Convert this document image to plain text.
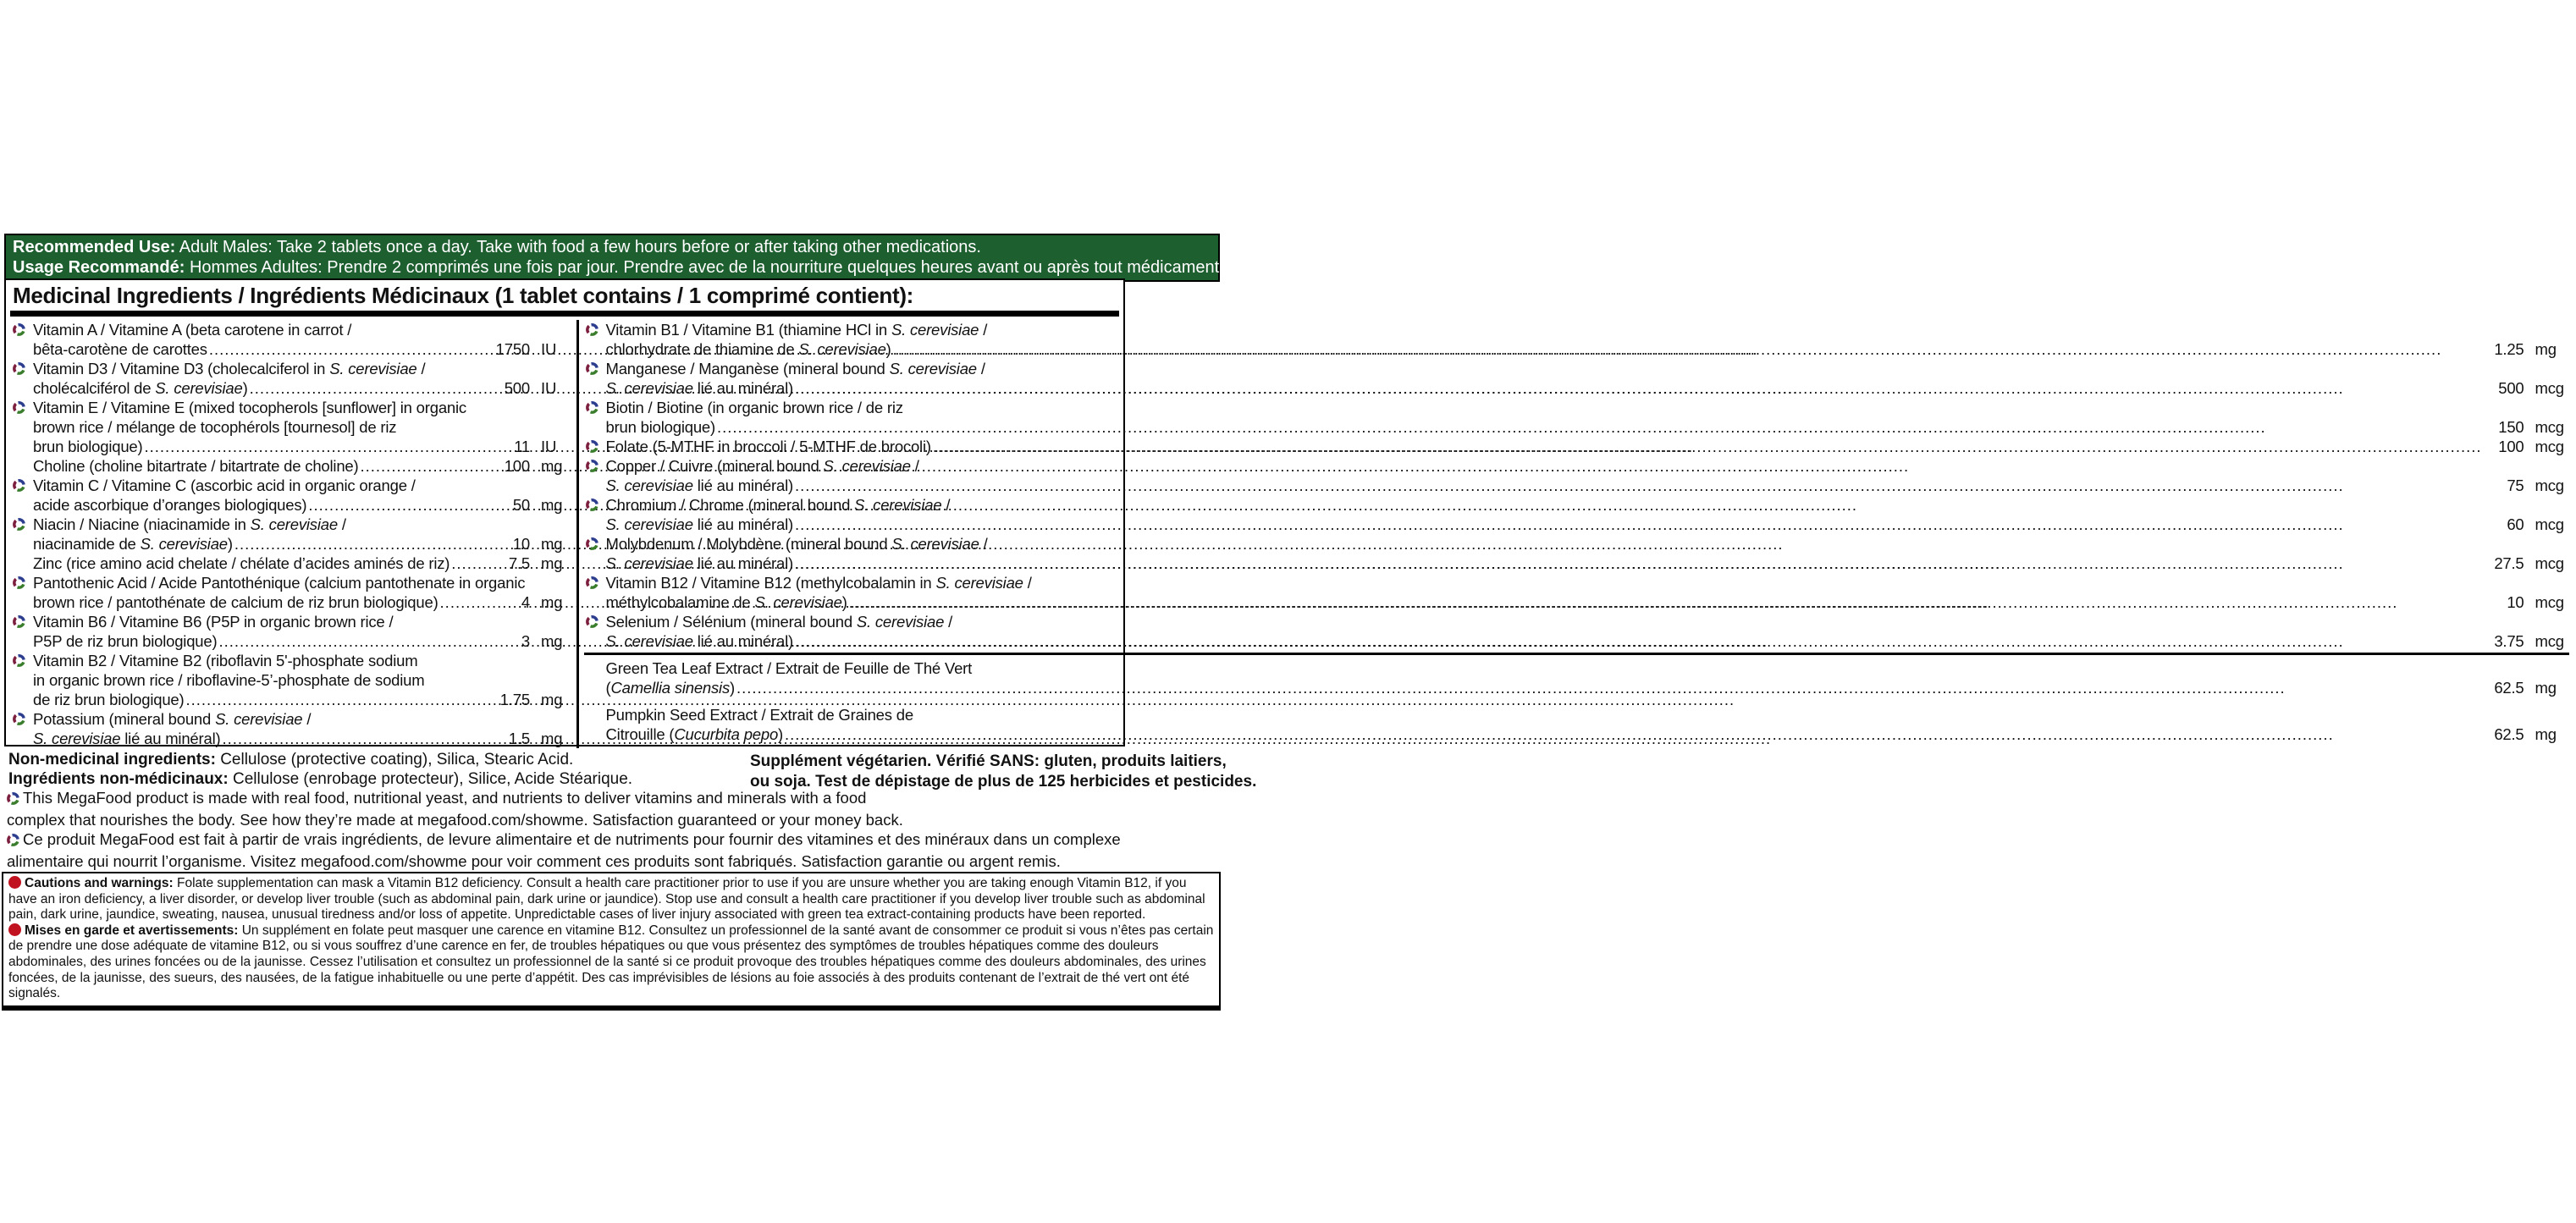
Recommended Use: Adult Males: Take 2 tablets once a day. Take with food a few hours before or after taking other medications.
Usage Recommandé: Hommes Adultes: Prendre 2 comprimés une fois par jour. Prendre avec de la nourriture quelques heures avant ou après tout médicament.
Medicinal Ingredients / Ingrédients Médicinaux (1 tablet contains / 1 comprimé contient):
Vitamin A / Vitamine A (beta carotene in carrot /
bêta-carotène de carottes .....	1750 IU
Vitamin D3 / Vitamine D3 (cholecalciferol in S. cerevisiae /
cholécalciférol de S. cerevisiae) .....	500 IU
Vitamin E / Vitamine E (mixed tocopherols [sunflower] in organic
brown rice / mélange de tocophérols [tournesol] de riz
brun biologique) .....	11 IU
Choline (choline bitartrate / bitartrate de choline) .....	100 mg
Vitamin C / Vitamine C (ascorbic acid in organic orange /
acide ascorbique d’oranges biologiques) .....	50 mg
Niacin / Niacine (niacinamide in S. cerevisiae /
niacinamide de S. cerevisiae) .....	10 mg
Zinc (rice amino acid chelate / chélate d’acides aminés de riz) .....	7.5 mg
Pantothenic Acid / Acide Pantothénique (calcium pantothenate in organic
brown rice / pantothénate de calcium de riz brun biologique) .....	4 mg
Vitamin B6 / Vitamine B6 (P5P in organic brown rice /
P5P de riz brun biologique) .....	3 mg
Vitamin B2 / Vitamine B2 (riboflavin 5'-phosphate sodium
in organic brown rice / riboflavine-5’-phosphate de sodium
de riz brun biologique) .....	1.75 mg
Potassium (mineral bound S. cerevisiae /
S. cerevisiae lié au minéral) .....	1.5 mg
Vitamin B1 / Vitamine B1 (thiamine HCl in S. cerevisiae /
chlorhydrate de thiamine de S. cerevisiae) .....	1.25 mg
Manganese / Manganèse (mineral bound S. cerevisiae /
S. cerevisiae lié au minéral) .....	500 mcg
Biotin / Biotine (in organic brown rice / de riz
brun biologique) .....	150 mcg
Folate (5-MTHF in broccoli / 5-MTHF de brocoli) .....	100 mcg
Copper / Cuivre (mineral bound S. cerevisiae /
S. cerevisiae lié au minéral) .....	75 mcg
Chromium / Chrome (mineral bound S. cerevisiae /
S. cerevisiae lié au minéral) .....	60 mcg
Molybdenum / Molybdène (mineral bound S. cerevisiae /
S. cerevisiae lié au minéral) .....	27.5 mcg
Vitamin B12 / Vitamine B12 (methylcobalamin in S. cerevisiae /
méthylcobalamine de S. cerevisiae) .....	10 mcg
Selenium / Sélénium (mineral bound S. cerevisiae /
S. cerevisiae lié au minéral) .....	3.75 mcg
Green Tea Leaf Extract / Extrait de Feuille de Thé Vert
(Camellia sinensis) .....	62.5 mg
Pumpkin Seed Extract / Extrait de Graines de
Citrouille (Cucurbita pepo) .....	62.5 mg
Non-medicinal ingredients: Cellulose (protective coating), Silica, Stearic Acid.
Ingrédients non-médicinaux: Cellulose (enrobage protecteur), Silice, Acide Stéarique.
Supplément végétarien. Vérifié SANS: gluten, produits laitiers,
ou soja. Test de dépistage de plus de 125 herbicides et pesticides.
This MegaFood product is made with real food, nutritional yeast, and nutrients to deliver vitamins and minerals with a food
complex that nourishes the body. See how they’re made at megafood.com/showme. Satisfaction guaranteed or your money back.
Ce produit MegaFood est fait à partir de vrais ingrédients, de levure alimentaire et de nutriments pour fournir des vitamines et des minéraux dans un complexe
alimentaire qui nourrit l’organisme. Visitez megafood.com/showme pour voir comment ces produits sont fabriqués. Satisfaction garantie ou argent remis.

Cautions and warnings: Folate supplementation can mask a Vitamin B12 deficiency. Consult a health care practitioner prior to use if you are unsure whether you are taking enough Vitamin B12, if you have an iron deficiency, a liver disorder, or develop liver trouble (such as abdominal pain, dark urine or jaundice). Stop use and consult a health care practitioner if you develop liver trouble such as abdominal pain, dark urine, jaundice, sweating, nausea, unusual tiredness and/or loss of appetite. Unpredictable cases of liver injury associated with green tea extract-containing products have been reported.

Mises en garde et avertissements: Un supplément en folate peut masquer une carence en vitamine B12. Consultez un professionnel de la santé avant de consommer ce produit si vous n’êtes pas certain de prendre une dose adéquate de vitamine B12, ou si vous souffrez d’une carence en fer, de troubles hépatiques ou que vous présentez des symptômes de troubles hépatiques comme des douleurs abdominales, des urines foncées ou de la jaunisse. Cessez l’utilisation et consultez un professionnel de la santé si ce produit provoque des troubles hépatiques comme des douleurs abdominales, des urines foncées, de la jaunisse, des sueurs, des nausées, de la fatigue inhabituelle ou une perte d’appétit. Des cas imprévisibles de lésions au foie associés à des produits contenant de l’extrait de thé vert ont été signalés.
